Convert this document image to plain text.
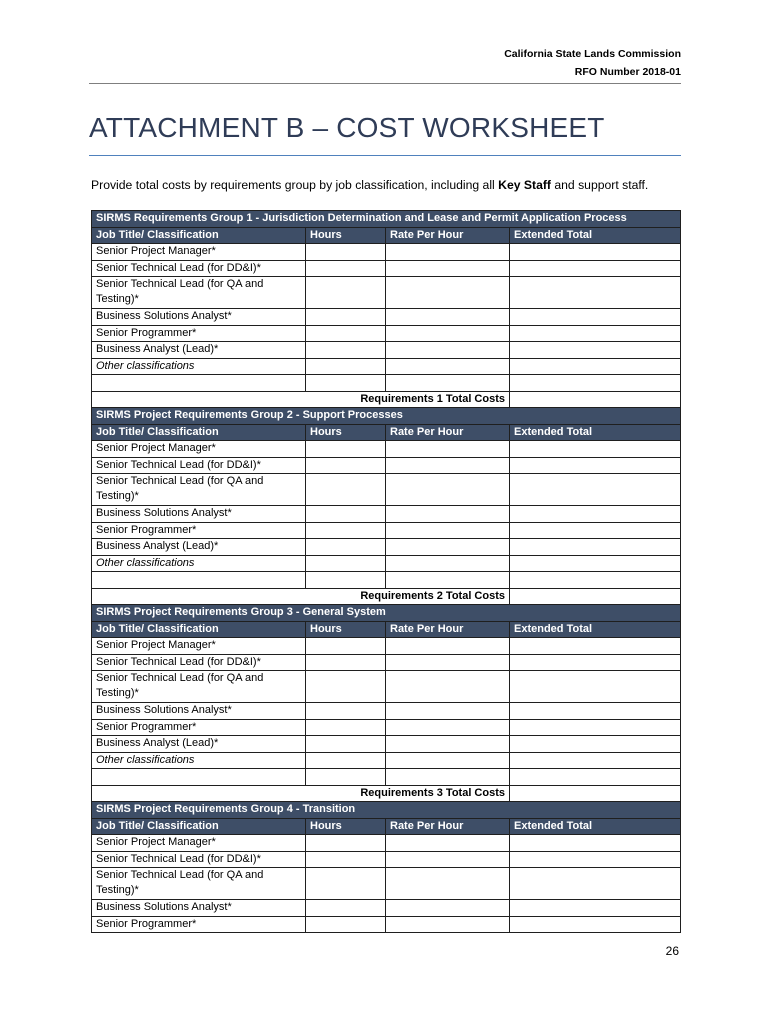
California State Lands Commission
RFO Number 2018-01
ATTACHMENT B – COST WORKSHEET
Provide total costs by requirements group by job classification, including all Key Staff and support staff.
SIRMS Requirements Group 1 - Jurisdiction Determination and Lease and Permit Application Process			
Job Title/ Classification	Hours	Rate Per Hour	Extended Total
Senior Project Manager*			
Senior Technical Lead (for DD&I)*			
Senior Technical Lead (for QA and Testing)*			
Business Solutions Analyst*			
Senior Programmer*			
Business Analyst (Lead)*			
Other classifications			

Requirements 1 Total Costs			
SIRMS Project Requirements Group 2 - Support Processes			
Job Title/ Classification	Hours	Rate Per Hour	Extended Total
Senior Project Manager*			
Senior Technical Lead (for DD&I)*			
Senior Technical Lead (for QA and Testing)*			
Business Solutions Analyst*			
Senior Programmer*			
Business Analyst (Lead)*			
Other classifications			

Requirements 2 Total Costs			
SIRMS Project Requirements Group 3 - General System			
Job Title/ Classification	Hours	Rate Per Hour	Extended Total
Senior Project Manager*			
Senior Technical Lead (for DD&I)*			
Senior Technical Lead (for QA and Testing)*			
Business Solutions Analyst*			
Senior Programmer*			
Business Analyst (Lead)*			
Other classifications			

Requirements 3 Total Costs			
SIRMS Project Requirements Group 4 - Transition			
Job Title/ Classification	Hours	Rate Per Hour	Extended Total
Senior Project Manager*			
Senior Technical Lead (for DD&I)*			
Senior Technical Lead (for QA and Testing)*			
Business Solutions Analyst*			
Senior Programmer*			
26
